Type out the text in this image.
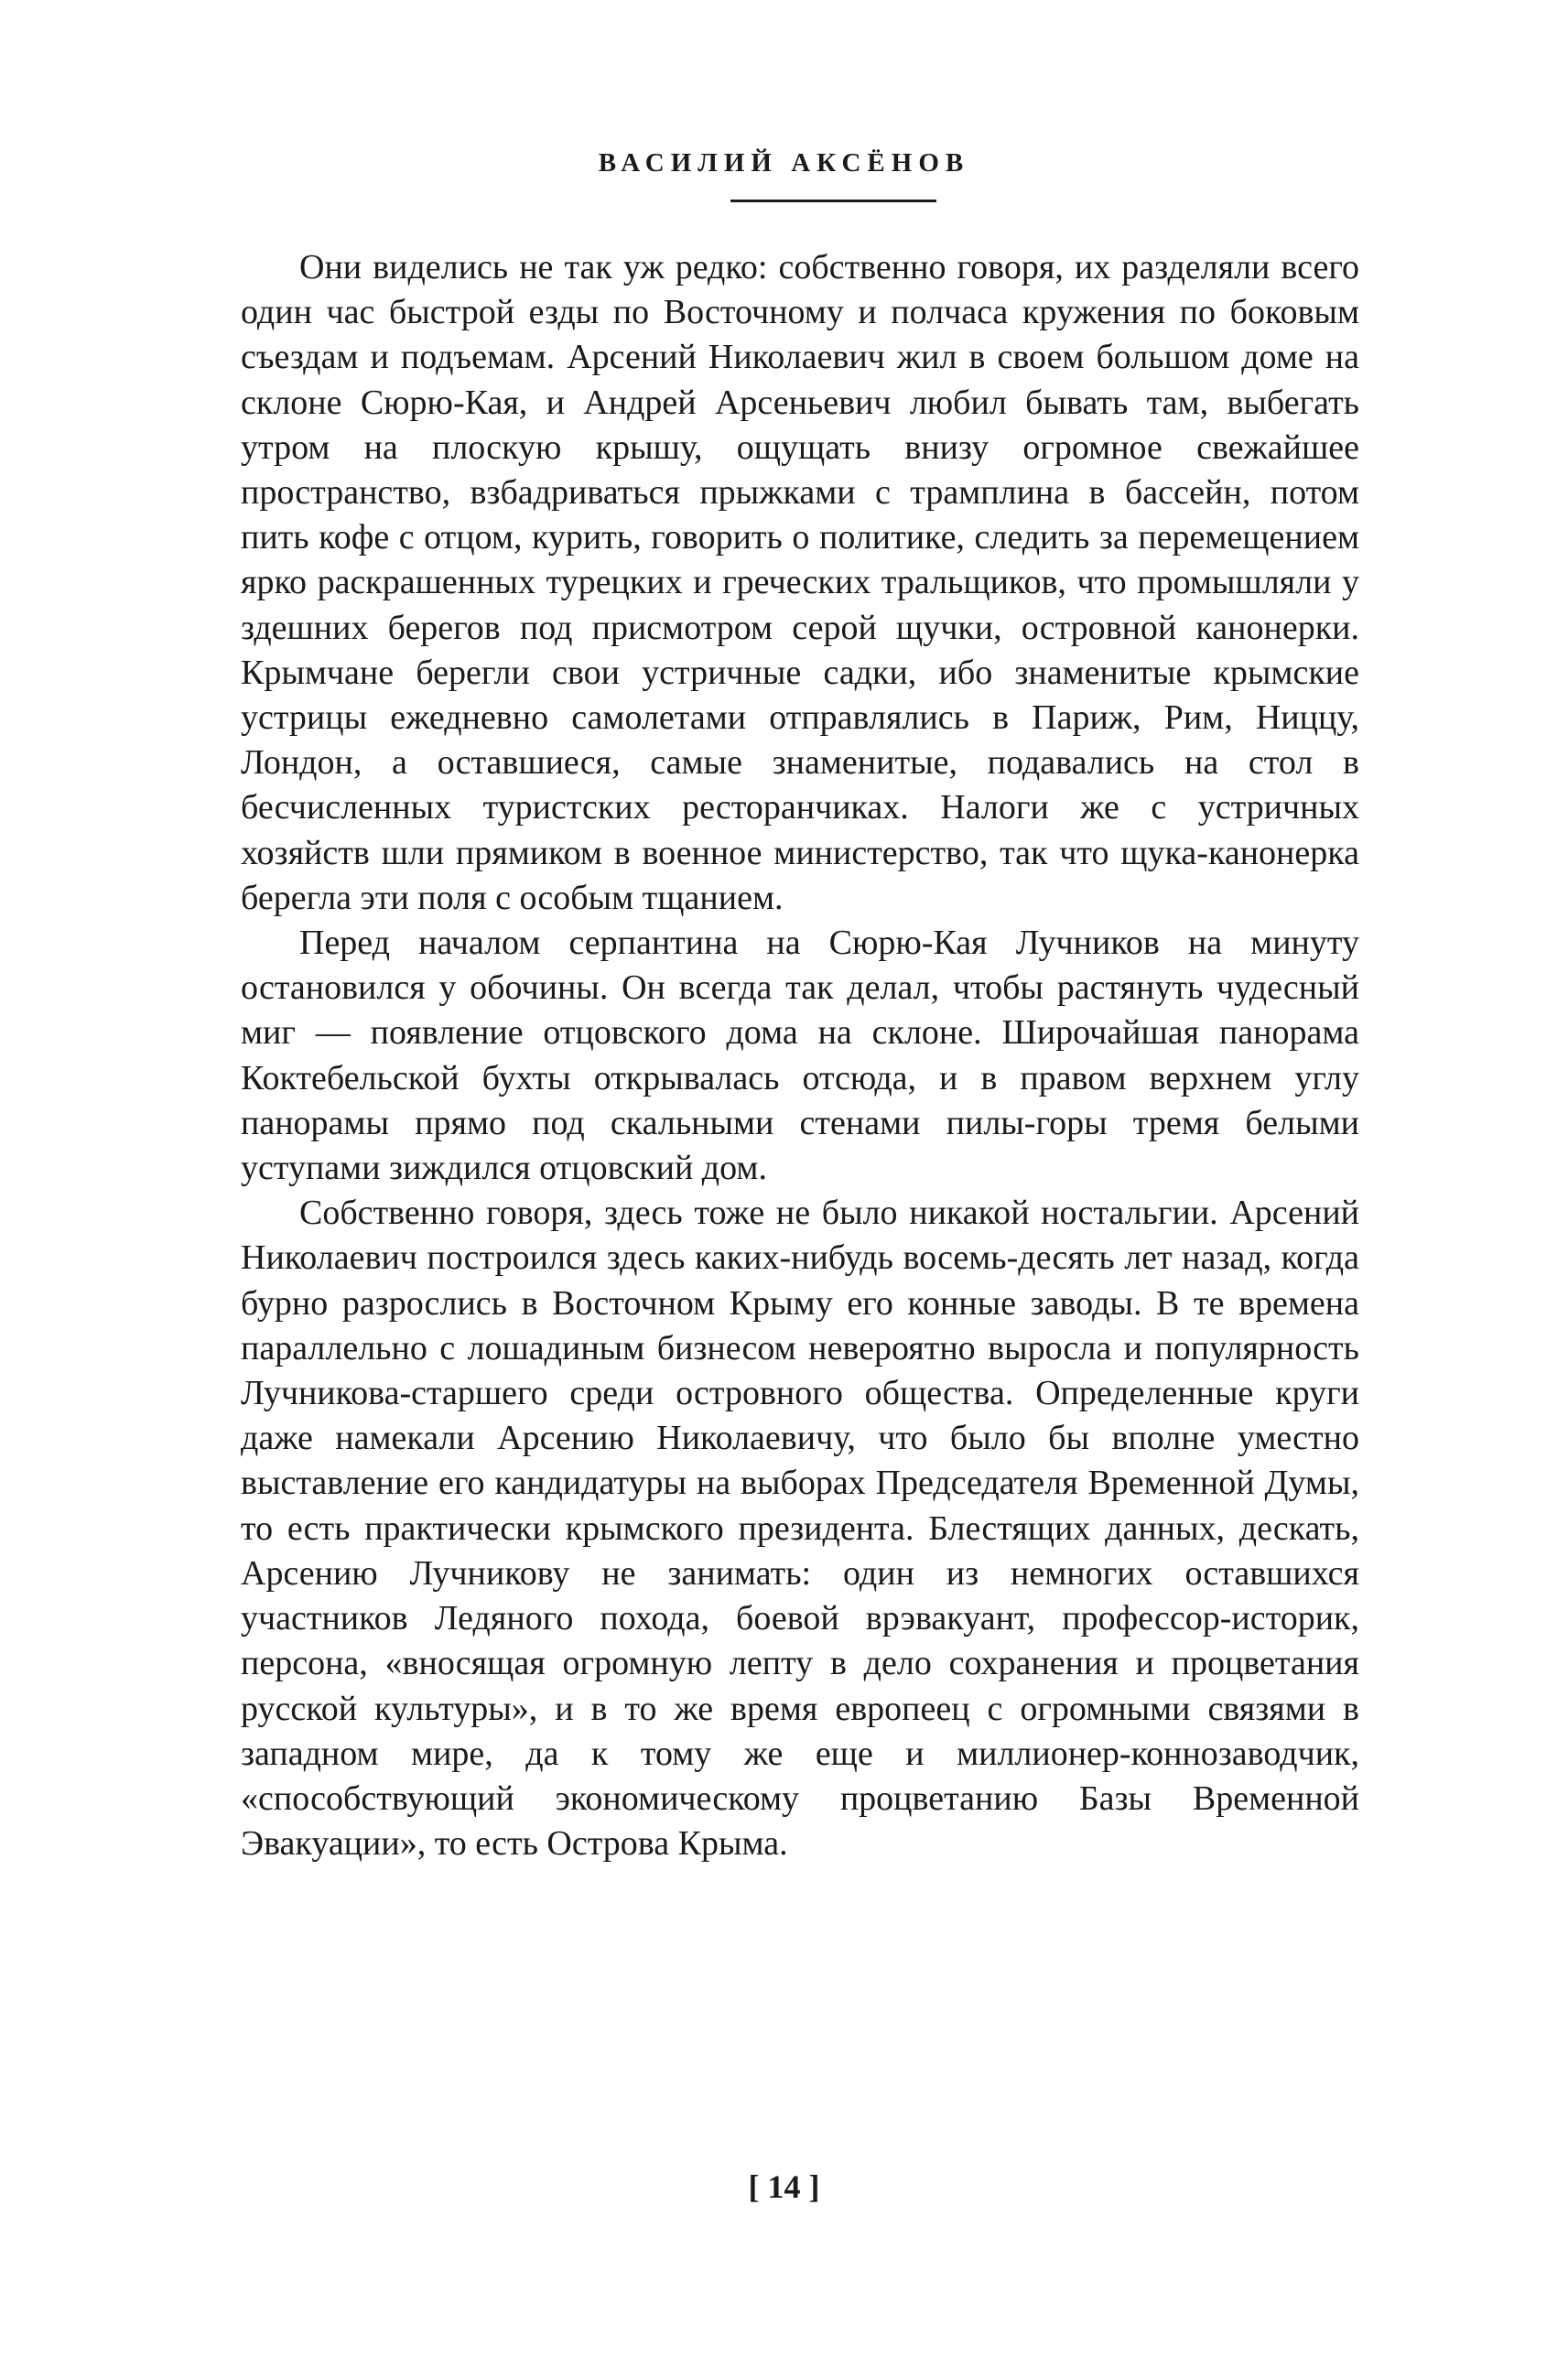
ВАСИЛИЙ АКСЁНОВ

Они виделись не так уж редко: собственно говоря, их разделяли всего один час быстрой езды по Восточному и полчаса кружения по боковым съездам и подъемам. Арсений Николаевич жил в своем большом доме на склоне Сюрю-Кая, и Андрей Арсеньевич любил бывать там, выбегать утром на плоскую крышу, ощущать внизу огромное свежайшее пространство, взбадриваться прыжками с трамплина в бассейн, потом пить кофе с отцом, курить, говорить о политике, следить за перемещением ярко раскрашенных турецких и греческих тральщиков, что промышляли у здешних берегов под присмотром серой щучки, островной канонерки. Крымчане берегли свои устричные садки, ибо знаменитые крымские устрицы ежедневно самолетами отправлялись в Париж, Рим, Ниццу, Лондон, а оставшиеся, самые знаменитые, подавались на стол в бесчисленных туристских ресторанчиках. Налоги же с устричных хозяйств шли прямиком в военное министерство, так что щука-канонерка берегла эти поля с особым тщанием.

Перед началом серпантина на Сюрю-Кая Лучников на минуту остановился у обочины. Он всегда так делал, чтобы растянуть чудесный миг — появление отцовского дома на склоне. Широчайшая панорама Коктебельской бухты открывалась отсюда, и в правом верхнем углу панорамы прямо под скальными стенами пилы-горы тремя белыми уступами зиждился отцовский дом.

Собственно говоря, здесь тоже не было никакой ностальгии. Арсений Николаевич построился здесь каких-нибудь восемь-десять лет назад, когда бурно разрослись в Восточном Крыму его конные заводы. В те времена параллельно с лошадиным бизнесом невероятно выросла и популярность Лучникова-старшего среди островного общества. Определенные круги даже намекали Арсению Николаевичу, что было бы вполне уместно выставление его кандидатуры на выборах Председателя Временной Думы, то есть практически крымского президента. Блестящих данных, дескать, Арсению Лучникову не занимать: один из немногих оставшихся участников Ледяного похода, боевой врэвакуант, профессор-историк, персона, «вносящая огромную лепту в дело сохранения и процветания русской культуры», и в то же время европеец с огромными связями в западном мире, да к тому же еще и миллионер-коннозаводчик, «способствующий экономическому процветанию Базы Временной Эвакуации», то есть Острова Крыма.

[ 14 ]
